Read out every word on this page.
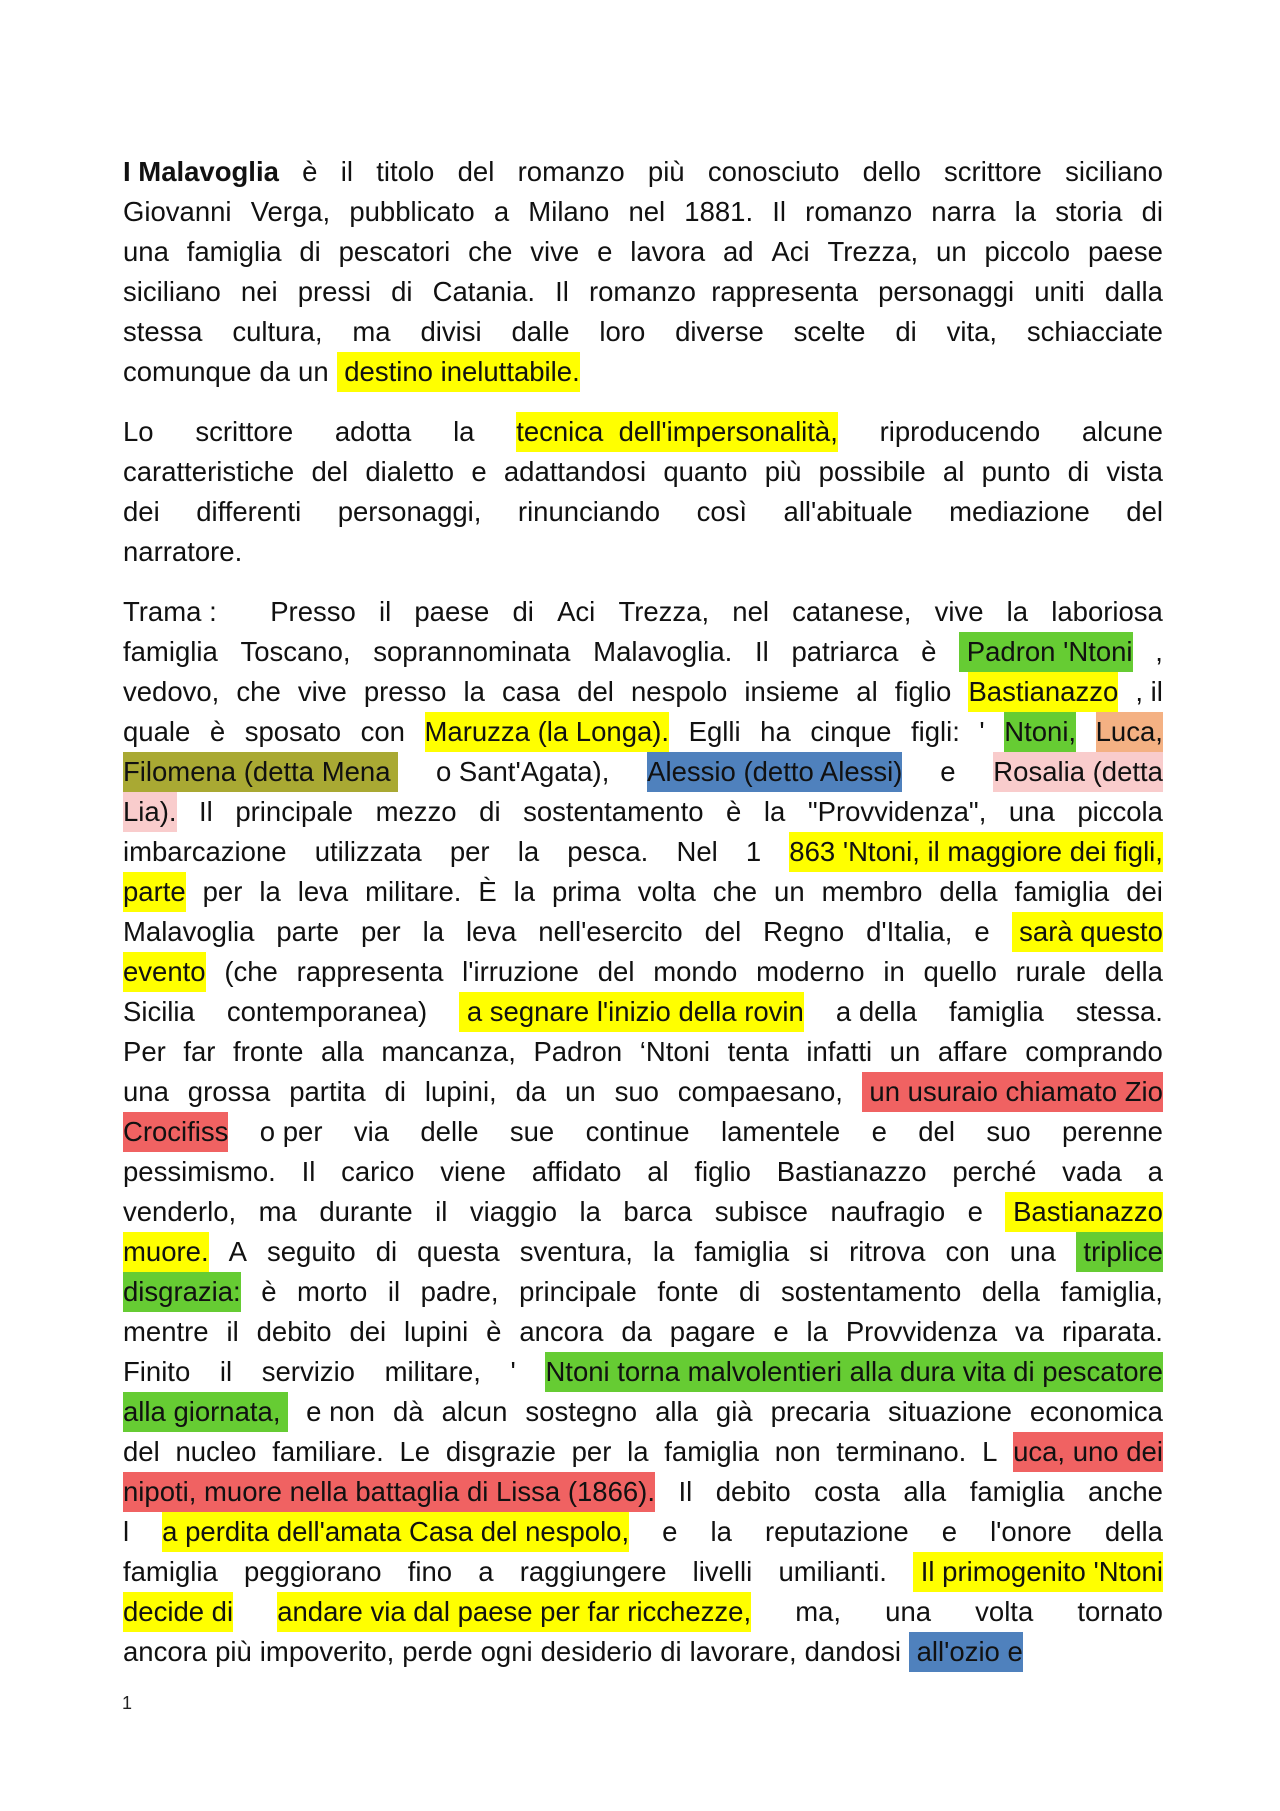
I Malavoglia è il titolo del romanzo più conosciuto dello scrittore siciliano
Giovanni Verga, pubblicato a Milano nel 1881. Il romanzo narra la storia di
una famiglia di pescatori che vive e lavora ad Aci Trezza, un piccolo paese
siciliano nei pressi di Catania. Il romanzo  rappresenta personaggi uniti dalla
stessa cultura, ma divisi dalle loro diverse scelte di vita, schiacciate
comunque da un destino ineluttabile.
Lo scrittore adotta la tecnica  dell'impersonalità, riproducendo alcune
caratteristiche del dialetto e adattandosi quanto più possibile al punto di vista
dei differenti personaggi, rinunciando così all'abituale mediazione del
narratore.
Trama :       Presso il paese di Aci Trezza, nel catanese, vive la laboriosa
famiglia Toscano, soprannominata Malavoglia. Il patriarca è Padron 'Ntoni ,
vedovo, che vive presso la casa del nespolo insieme al figlio Bastianazzo , il
quale è sposato con Maruzza (la Longa). Eglli ha cinque figli: ' Ntoni, Luca,
Filomena (detta Mena o Sant'Agata), Alessio (detto Alessi) e Rosalia (detta
Lia). Il principale mezzo di sostentamento è la "Provvidenza", una piccola
imbarcazione utilizzata per la pesca. Nel 1 863 'Ntoni, il maggiore dei figli,
parte per la leva militare. È la prima volta che un membro della famiglia dei
Malavoglia parte per la leva nell'esercito del Regno d'Italia, e sarà questo
evento (che rappresenta l'irruzione del mondo moderno in quello rurale della
Sicilia contemporanea) a segnare l'inizio della rovin a della famiglia stessa.
Per far fronte alla mancanza, Padron ‘Ntoni tenta infatti un affare comprando
una grossa partita di lupini, da un suo compaesano, un usuraio chiamato Zio
Crocifiss o per via delle sue continue lamentele e del suo perenne
pessimismo. Il carico viene affidato al figlio Bastianazzo perché vada a
venderlo, ma durante il viaggio la barca subisce naufragio e Bastianazzo
muore. A seguito di questa sventura, la famiglia si ritrova con una triplice
disgrazia: è morto il padre, principale fonte di sostentamento della famiglia,
mentre il debito dei lupini è ancora da pagare e la Provvidenza va riparata.
Finito il servizio militare, ' Ntoni torna malvolentieri alla dura vita di pescatore
alla giornata, e non dà alcun sostegno alla già precaria situazione economica
del nucleo familiare. Le disgrazie per la famiglia non terminano. L uca, uno dei
nipoti, muore nella battaglia di Lissa (1866). Il debito costa alla famiglia anche
l a perdita dell'amata Casa del nespolo, e la reputazione e l'onore della
famiglia peggiorano fino a raggiungere livelli umilianti. Il primogenito 'Ntoni
decide di andare via dal paese per far ricchezze, ma, una volta tornato
ancora più impoverito, perde ogni desiderio di lavorare, dandosi all'ozio e
1
